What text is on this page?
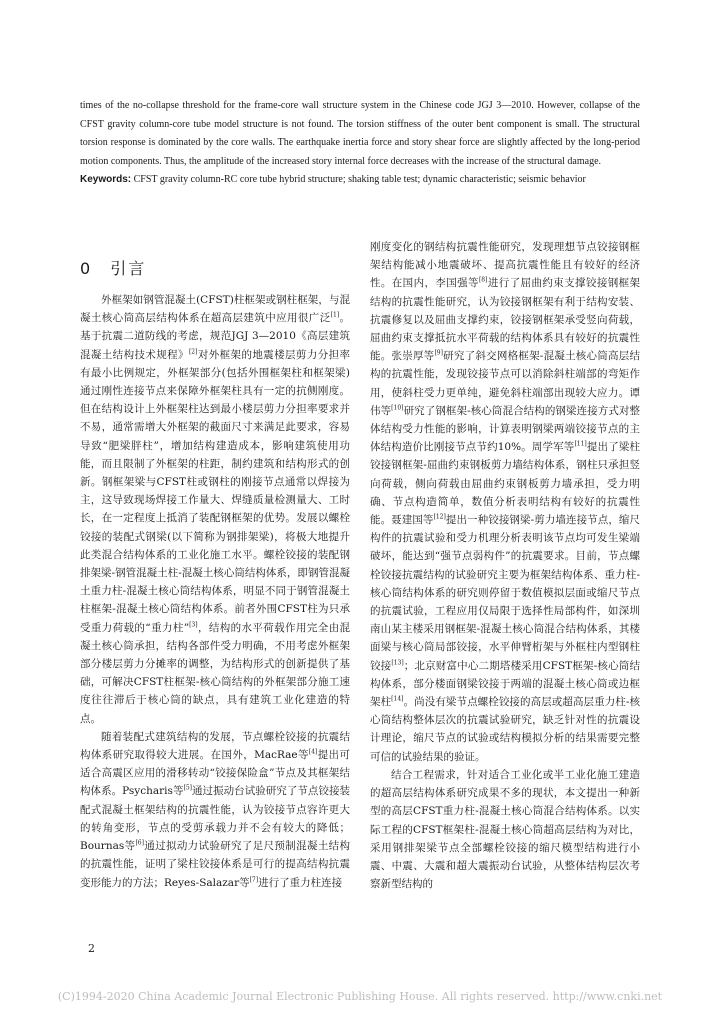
times of the no-collapse threshold for the frame-core wall structure system in the Chinese code JGJ 3—2010. However, collapse of the CFST gravity column-core tube model structure is not found. The torsion stiffness of the outer bent component is small. The structural torsion response is dominated by the core walls. The earthquake inertia force and story shear force are slightly affected by the long-period motion components. Thus, the amplitude of the increased story internal force decreases with the increase of the structural damage.

Keywords: CFST gravity column-RC core tube hybrid structure; shaking table test; dynamic characteristic; seismic behavior

0 引言

外框架如钢管混凝土(CFST)柱框架或钢柱框架，与混凝土核心筒高层结构体系在超高层建筑中应用很广泛[1]。基于抗震二道防线的考虑，规范JGJ 3—2010《高层建筑混凝土结构技术规程》[2]对外框架的地震楼层剪力分担率有最小比例规定，外框架部分(包括外围框架柱和框架梁)通过刚性连接节点来保障外框架柱具有一定的抗侧刚度。但在结构设计上外框架柱达到最小楼层剪力分担率要求并不易，通常需增大外框架的截面尺寸来满足此要求，容易导致“肥梁胖柱”，增加结构建造成本，影响建筑使用功能，而且限制了外框架的柱距，制约建筑和结构形式的创新。钢框架梁与CFST柱或钢柱的刚接节点通常以焊接为主，这导致现场焊接工作量大、焊缝质量检测量大、工时长，在一定程度上抵消了装配钢框架的优势。发展以螺栓铰接的装配式钢梁(以下简称为钢排架梁)，将极大地提升此类混合结构体系的工业化施工水平。螺栓铰接的装配钢排架梁-钢管混凝土柱-混凝土核心筒结构体系，即钢管混凝土重力柱-混凝土核心筒结构体系，明显不同于钢管混凝土柱框架-混凝土核心筒结构体系。前者外围CFST柱为只承受重力荷载的“重力柱”[3]，结构的水平荷载作用完全由混凝土核心筒承担，结构各部件受力明确，不用考虑外框架部分楼层剪力分摊率的调整，为结构形式的创新提供了基础，可解决CFST柱框架-核心筒结构的外框架部分施工速度往往滞后于核心筒的缺点，具有建筑工业化建造的特点。

随着装配式建筑结构的发展，节点螺栓铰接的抗震结构体系研究取得较大进展。在国外，MacRae等[4]提出可适合高震区应用的滑移转动“铰接保险盒”节点及其框架结构体系。Psycharis等[5]通过振动台试验研究了节点铰接装配式混凝土框架结构的抗震性能，认为铰接节点容许更大的转角变形，节点的受剪承载力并不会有较大的降低；Bournas等[6]通过拟动力试验研究了足尺预制混凝土结构的抗震性能，证明了梁柱铰接体系是可行的提高结构抗震变形能力的方法；Reyes-Salazar等[7]进行了重力柱连接

刚度变化的钢结构抗震性能研究，发现理想节点铰接钢框架结构能减小地震破坏、提高抗震性能且有较好的经济性。在国内，李国强等[8]进行了屈曲约束支撑铰接钢框架结构的抗震性能研究，认为铰接钢框架有利于结构安装、抗震修复以及屈曲支撑约束，铰接钢框架承受竖向荷载，屈曲约束支撑抵抗水平荷载的结构体系具有较好的抗震性能。张崇厚等[9]研究了斜交网格框架-混凝土核心筒高层结构的抗震性能，发现铰接节点可以消除斜柱端部的弯矩作用，使斜柱受力更单纯，避免斜柱端部出现较大应力。谭伟等[10]研究了钢框架-核心筒混合结构的钢梁连接方式对整体结构受力性能的影响，计算表明钢梁两端铰接节点的主体结构造价比刚接节点节约10%。周学军等[11]提出了梁柱铰接钢框架-屈曲约束钢板剪力墙结构体系，钢柱只承担竖向荷载，侧向荷载由屈曲约束钢板剪力墙承担，受力明确、节点构造简单，数值分析表明结构有较好的抗震性能。聂建国等[12]提出一种铰接钢梁-剪力墙连接节点，缩尺构件的抗震试验和受力机理分析表明该节点均可发生梁端破坏，能达到“强节点弱构件”的抗震要求。目前，节点螺栓铰接抗震结构的试验研究主要为框架结构体系、重力柱-核心筒结构体系的研究则停留于数值模拟层面或缩尺节点的抗震试验，工程应用仅局限于选择性局部构件，如深圳南山某主楼采用钢框架-混凝土核心筒混合结构体系，其楼面梁与核心筒局部铰接，水平伸臂桁架与外框柱内型钢柱铰接[13]；北京财富中心二期塔楼采用CFST框架-核心筒结构体系，部分楼面钢梁铰接于两端的混凝土核心筒或边框架柱[14]。尚没有梁节点螺栓铰接的高层或超高层重力柱-核心筒结构整体层次的抗震试验研究，缺乏针对性的抗震设计理论，缩尺节点的试验或结构模拟分析的结果需要完整可信的试验结果的验证。

结合工程需求，针对适合工业化或半工业化施工建造的超高层结构体系研究成果不多的现状，本文提出一种新型的高层CFST重力柱-混凝土核心筒混合结构体系。以实际工程的CFST框架柱-混凝土核心筒超高层结构为对比，采用钢排架梁节点全部螺栓铰接的缩尺模型结构进行小震、中震、大震和超大震振动台试验，从整体结构层次考察新型结构的

2
(C)1994-2020 China Academic Journal Electronic Publishing House. All rights reserved. http://www.cnki.net
